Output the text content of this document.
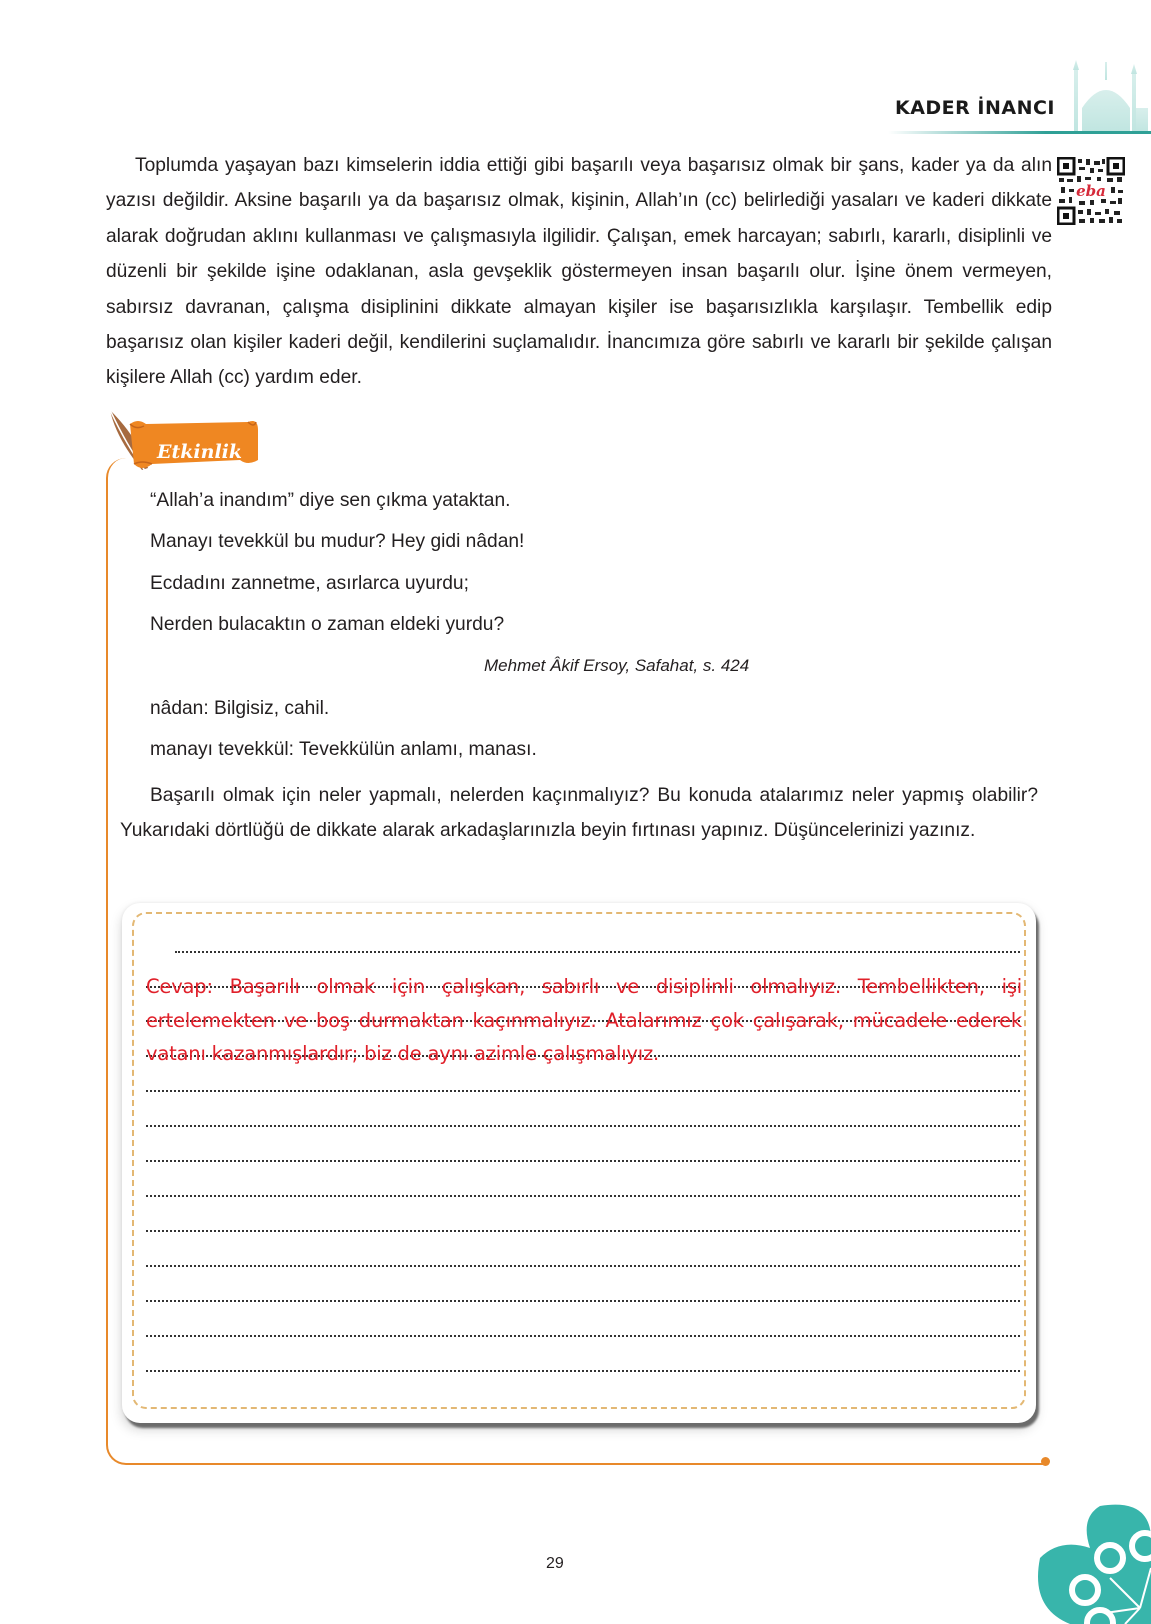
KADER İNANCI
eba

Toplumda yaşayan bazı kimselerin iddia ettiği gibi başarılı veya başarısız olmak bir şans, kader ya da alın yazısı değildir. Aksine başarılı ya da başarısız olmak, kişinin, Allah’ın (cc) belirlediği yasaları ve kaderi dikkate alarak doğrudan aklını kullanması ve çalışmasıyla ilgilidir. Çalışan, emek harcayan; sabırlı, kararlı, disiplinli ve düzenli bir şekilde işine odaklanan, asla gevşeklik göstermeyen insan başarılı olur. İşine önem vermeyen, sabırsız davranan, çalışma disiplinini dikkate almayan kişiler ise başarısızlıkla karşılaşır. Tembellik edip başarısız olan kişiler kaderi değil, kendilerini suçlamalıdır. İnancımıza göre sabırlı ve kararlı bir şekilde çalışan kişilere Allah (cc) yardım eder.

Etkinlik
“Allah’a inandım” diye sen çıkma yataktan.
Manayı tevekkül bu mudur? Hey gidi nâdan!
Ecdadını zannetme, asırlarca uyurdu;
Nerden bulacaktın o zaman eldeki yurdu?
Mehmet Âkif Ersoy, Safahat, s. 424
nâdan: Bilgisiz, cahil.
manayı tevekkül: Tevekkülün anlamı, manası.

Başarılı olmak için neler yapmalı, nelerden kaçınmalıyız? Bu konuda atalarımız neler yapmış olabilir? Yukarıdaki dörtlüğü de dikkate alarak arkadaşlarınızla beyin fırtınası yapınız. Düşüncelerinizi yazınız.

Cevap: Başarılı olmak için çalışkan, sabırlı ve disiplinli olmalıyız. Tembellikten, işi ertelemekten ve boş durmaktan kaçınmalıyız. Atalarımız çok çalışarak, mücadele ederek vatanı kazanmışlardır; biz de aynı azimle çalışmalıyız.
29
